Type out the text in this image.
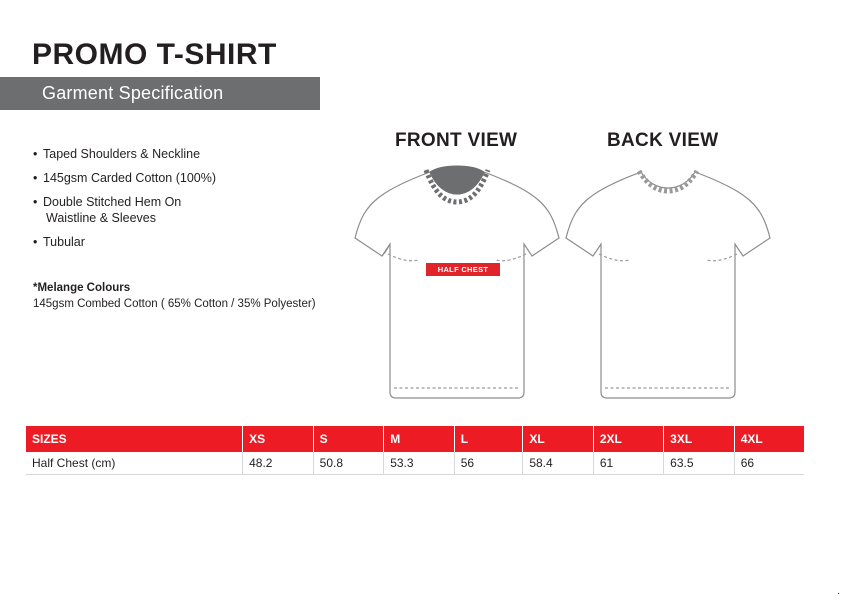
PROMO T-SHIRT
Garment Specification
• Taped Shoulders & Neckline
• 145gsm Carded Cotton (100%)
• Double Stitched Hem On
Waistline & Sleeves
• Tubular
*Melange Colours
145gsm Combed Cotton ( 65% Cotton / 35% Polyester)
FRONT VIEW	BACK VIEW
HALF CHEST
SIZES	XS	S	M	L	XL	2XL	3XL	4XL
Half Chest (cm)	48.2	50.8	53.3	56	58.4	61	63.5	66
.
